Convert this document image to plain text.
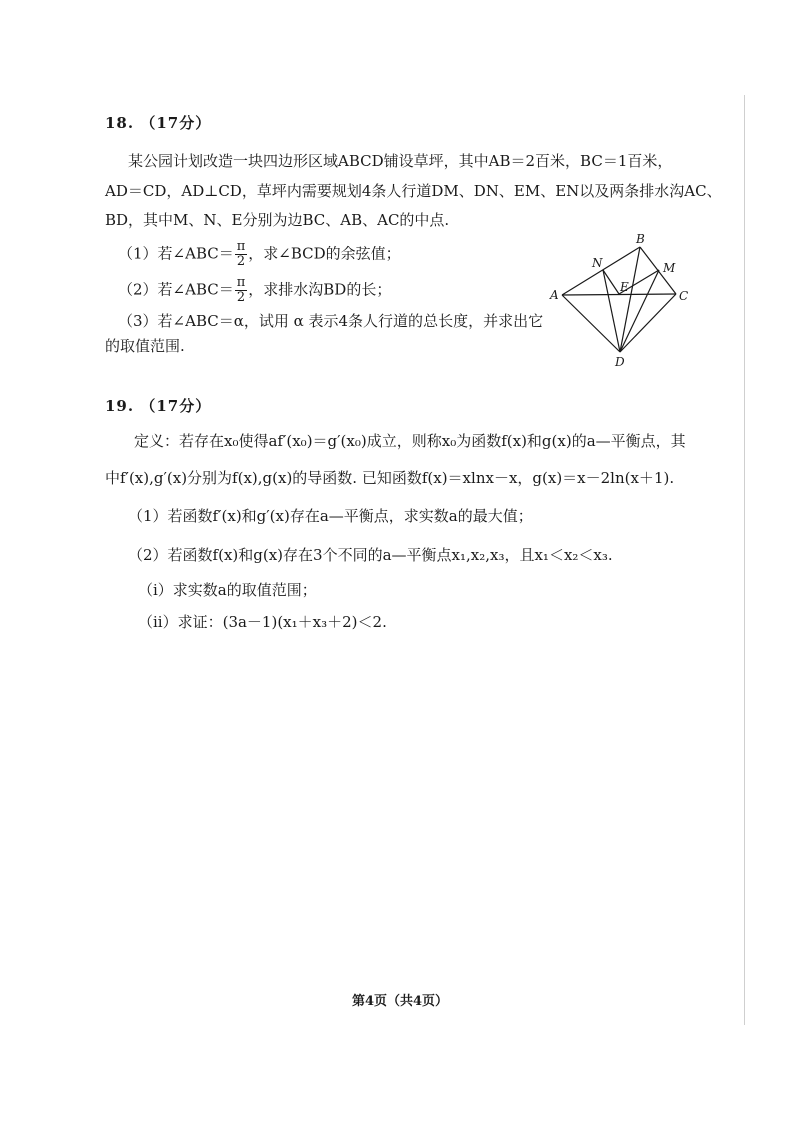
18. （17分）
某公园计划改造一块四边形区域ABCD铺设草坪，其中AB＝2百米，BC＝1百米，
AD＝CD，AD⊥CD，草坪内需要规划4条人行道DM、DN、EM、EN以及两条排水沟AC、
BD，其中M、N、E分别为边BC、AB、AC的中点.
（1）若∠ABC＝ $\frac{\pi}{2}$ ，求∠BCD的余弦值；
（2）若∠ABC＝ $\frac{\pi}{2}$ ，求排水沟BD的长；
（3）若∠ABC＝α，试用 α 表示4条人行道的总长度，并求出它
的取值范围.
A
B
C
D
N	M
E
19. （17分）
定义：若存在x₀使得af′(x₀)＝g′(x₀)成立，则称x₀为函数f(x)和g(x)的a—平衡点，其
中f′(x),g′(x)分别为f(x),g(x)的导函数. 已知函数f(x)＝xlnx－x，g(x)＝x－2ln(x＋1).
（1）若函数f′(x)和g′(x)存在a—平衡点，求实数a的最大值；
（2）若函数f(x)和g(x)存在3个不同的a—平衡点x₁,x₂,x₃，且x₁＜x₂＜x₃.
（i）求实数a的取值范围；
（ii）求证：(3a－1)(x₁＋x₃＋2)＜2.
第4页（共4页）
